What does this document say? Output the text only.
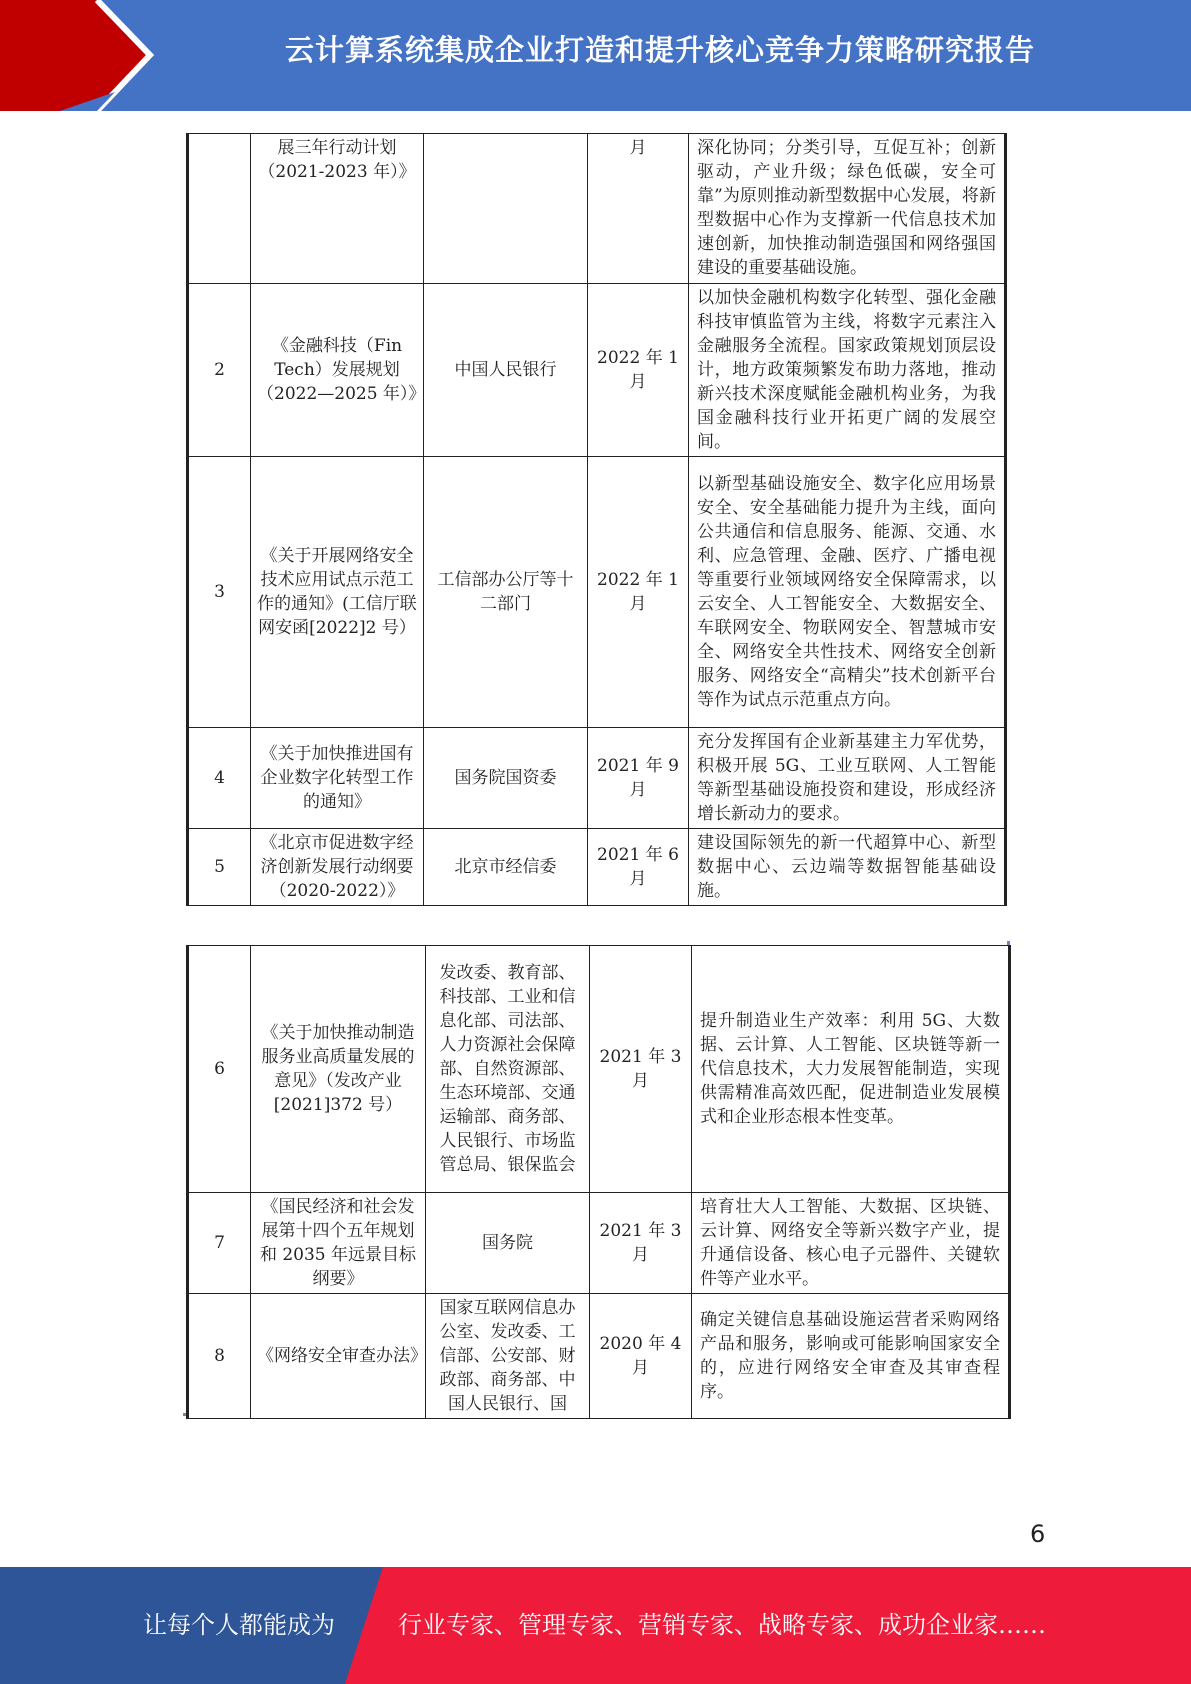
云计算系统集成企业打造和提升核心竞争力策略研究报告
	展三年行动计划（2021-2023 年）》		月	深化协同；分类引导，互促互补；创新驱动，产业升级；绿色低碳，安全可靠”为原则推动新型数据中心发展，将新型数据中心作为支撑新一代信息技术加速创新，加快推动制造强国和网络强国建设的重要基础设施。
2	《金融科技（Fin Tech）发展规划（2022—2025 年）》	中国人民银行	2022 年 1 月	以加快金融机构数字化转型、强化金融科技审慎监管为主线，将数字元素注入金融服务全流程。国家政策规划顶层设计，地方政策频繁发布助力落地，推动新兴技术深度赋能金融机构业务，为我国金融科技行业开拓更广阔的发展空间。
3	《关于开展网络安全技术应用试点示范工作的通知》(工信厅联网安函[2022]2 号）	工信部办公厅等十二部门	2022 年 1 月	以新型基础设施安全、数字化应用场景安全、安全基础能力提升为主线，面向公共通信和信息服务、能源、交通、水利、应急管理、金融、医疗、广播电视等重要行业领域网络安全保障需求，以云安全、人工智能安全、大数据安全、车联网安全、物联网安全、智慧城市安全、网络安全共性技术、网络安全创新服务、网络安全“高精尖”技术创新平台等作为试点示范重点方向。
4	《关于加快推进国有企业数字化转型工作的通知》	国务院国资委	2021 年 9 月	充分发挥国有企业新基建主力军优势，积极开展 5G、工业互联网、人工智能等新型基础设施投资和建设，形成经济增长新动力的要求。
5	《北京市促进数字经济创新发展行动纲要（2020-2022）》	北京市经信委	2021 年 6 月	建设国际领先的新一代超算中心、新型数据中心、云边端等数据智能基础设施。
6	《关于加快推动制造服务业高质量发展的意见》（发改产业[2021]372 号）	发改委、教育部、科技部、工业和信息化部、司法部、人力资源社会保障部、自然资源部、生态环境部、交通运输部、商务部、人民银行、市场监管总局、银保监会	2021 年 3 月	提升制造业生产效率：利用 5G、大数据、云计算、人工智能、区块链等新一代信息技术，大力发展智能制造，实现供需精准高效匹配，促进制造业发展模式和企业形态根本性变革。
7	《国民经济和社会发展第十四个五年规划和 2035 年远景目标纲要》	国务院	2021 年 3 月	培育壮大人工智能、大数据、区块链、云计算、网络安全等新兴数字产业，提升通信设备、核心电子元器件、关键软件等产业水平。
8	《网络安全审查办法》	国家互联网信息办公室、发改委、工信部、公安部、财政部、商务部、中国人民银行、国	2020 年 4 月	确定关键信息基础设施运营者采购网络产品和服务，影响或可能影响国家安全的，应进行网络安全审查及其审查程序。
6
让每个人都能成为	行业专家、管理专家、营销专家、战略专家、成功企业家……
